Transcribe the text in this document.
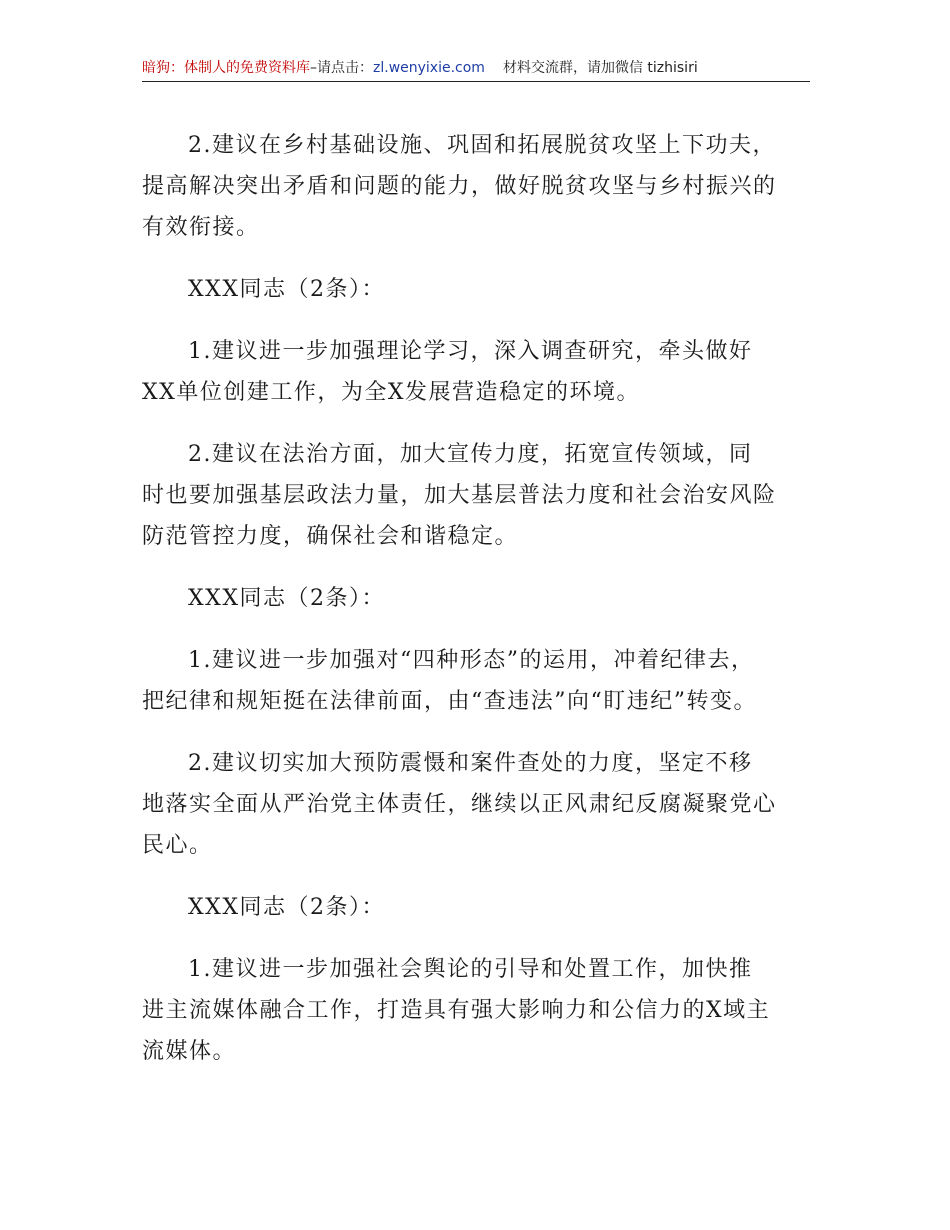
暗狗：体制人的免费资料库–请点击：zl.wenyixie.com 材料交流群，请加微信 tizhisiri
2.建议在乡村基础设施、巩固和拓展脱贫攻坚上下功夫，
提高解决突出矛盾和问题的能力，做好脱贫攻坚与乡村振兴的
有效衔接。
XXX同志（2条）：
1.建议进一步加强理论学习，深入调查研究，牵头做好
XX单位创建工作，为全X发展营造稳定的环境。
2.建议在法治方面，加大宣传力度，拓宽宣传领域，同
时也要加强基层政法力量，加大基层普法力度和社会治安风险
防范管控力度，确保社会和谐稳定。
XXX同志（2条）：
1.建议进一步加强对“四种形态”的运用，冲着纪律去，
把纪律和规矩挺在法律前面，由“查违法”向“盯违纪”转变。
2.建议切实加大预防震慑和案件查处的力度，坚定不移
地落实全面从严治党主体责任，继续以正风肃纪反腐凝聚党心
民心。
XXX同志（2条）：
1.建议进一步加强社会舆论的引导和处置工作，加快推
进主流媒体融合工作，打造具有强大影响力和公信力的X域主
流媒体。
